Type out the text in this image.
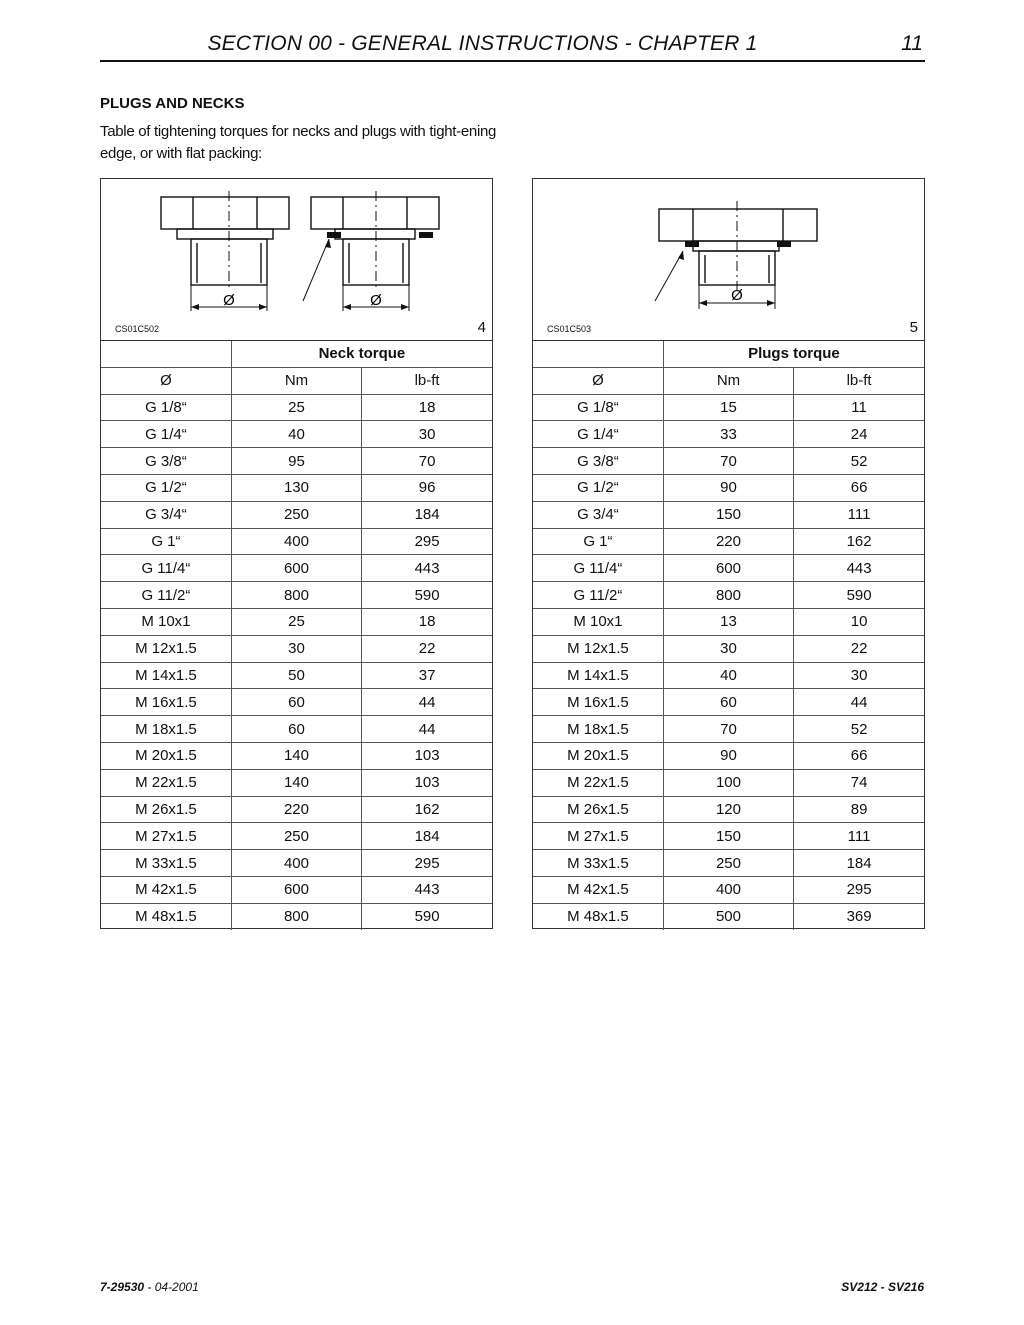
SECTION 00 - GENERAL INSTRUCTIONS - CHAPTER 1	11
PLUGS AND NECKS
Table of tightening torques for necks and plugs with tight-ening edge, or with flat packing:
Ø	Ø
CS01C502	4
	Neck torque	
Ø	Nm	lb-ft
G 1/8“	25	18
G 1/4“	40	30
G 3/8“	95	70
G 1/2“	130	96
G 3/4“	250	184
G 1“	400	295
G 11/4“	600	443
G 11/2“	800	590
M 10x1	25	18
M 12x1.5	30	22
M 14x1.5	50	37
M 16x1.5	60	44
M 18x1.5	60	44
M 20x1.5	140	103
M 22x1.5	140	103
M 26x1.5	220	162
M 27x1.5	250	184
M 33x1.5	400	295
M 42x1.5	600	443
M 48x1.5	800	590
Ø
CS01C503	5
	Plugs torque	
Ø	Nm	lb-ft
G 1/8“	15	11
G 1/4“	33	24
G 3/8“	70	52
G 1/2“	90	66
G 3/4“	150	111
G 1“	220	162
G 11/4“	600	443
G 11/2“	800	590
M 10x1	13	10
M 12x1.5	30	22
M 14x1.5	40	30
M 16x1.5	60	44
M 18x1.5	70	52
M 20x1.5	90	66
M 22x1.5	100	74
M 26x1.5	120	89
M 27x1.5	150	111
M 33x1.5	250	184
M 42x1.5	400	295
M 48x1.5	500	369
7-29530 - 04-2001	SV212 - SV216
